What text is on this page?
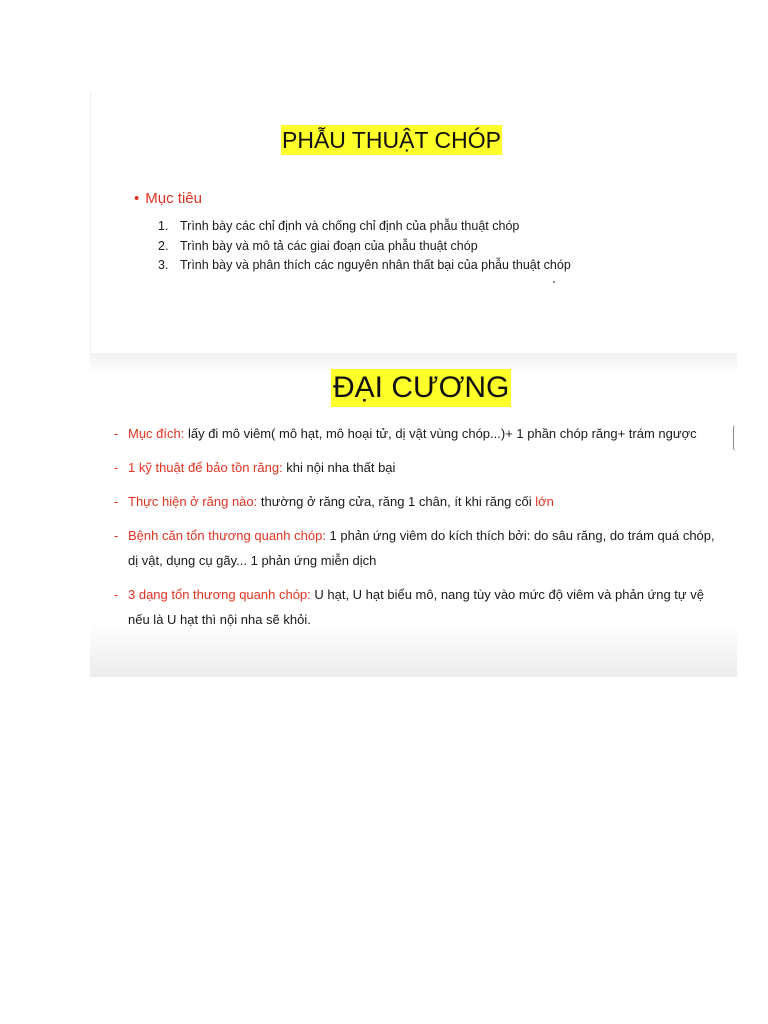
PHẪU THUẬT CHÓP
• Mục tiêu
1. Trình bày các chỉ định và chống chỉ định của phẫu thuật chóp
2. Trình bày và mô tả các giai đoạn của phẫu thuật chóp
3. Trình bày và phân thích các nguyên nhân thất bại của phẫu thuật chóp
ĐẠI CƯƠNG
- Mục đích: lấy đi mô viêm( mô hạt, mô hoại tử, dị vật vùng chóp...)+ 1 phần chóp răng+ trám ngược
- 1 kỹ thuật để bảo tồn răng: khi nội nha thất bại
- Thực hiện ở răng nào: thường ở răng cửa, răng 1 chân, ít khi răng cối lớn
- Bệnh căn tổn thương quanh chóp: 1 phản ứng viêm do kích thích bởi: do sâu răng, do trám quá chóp, dị vật, dụng cụ gãy... 1 phản ứng miễn dịch
- 3 dạng tổn thương quanh chóp: U hạt, U hạt biểu mô, nang tùy vào mức độ viêm và phản ứng tự vệ nếu là U hạt thì nội nha sẽ khỏi.
